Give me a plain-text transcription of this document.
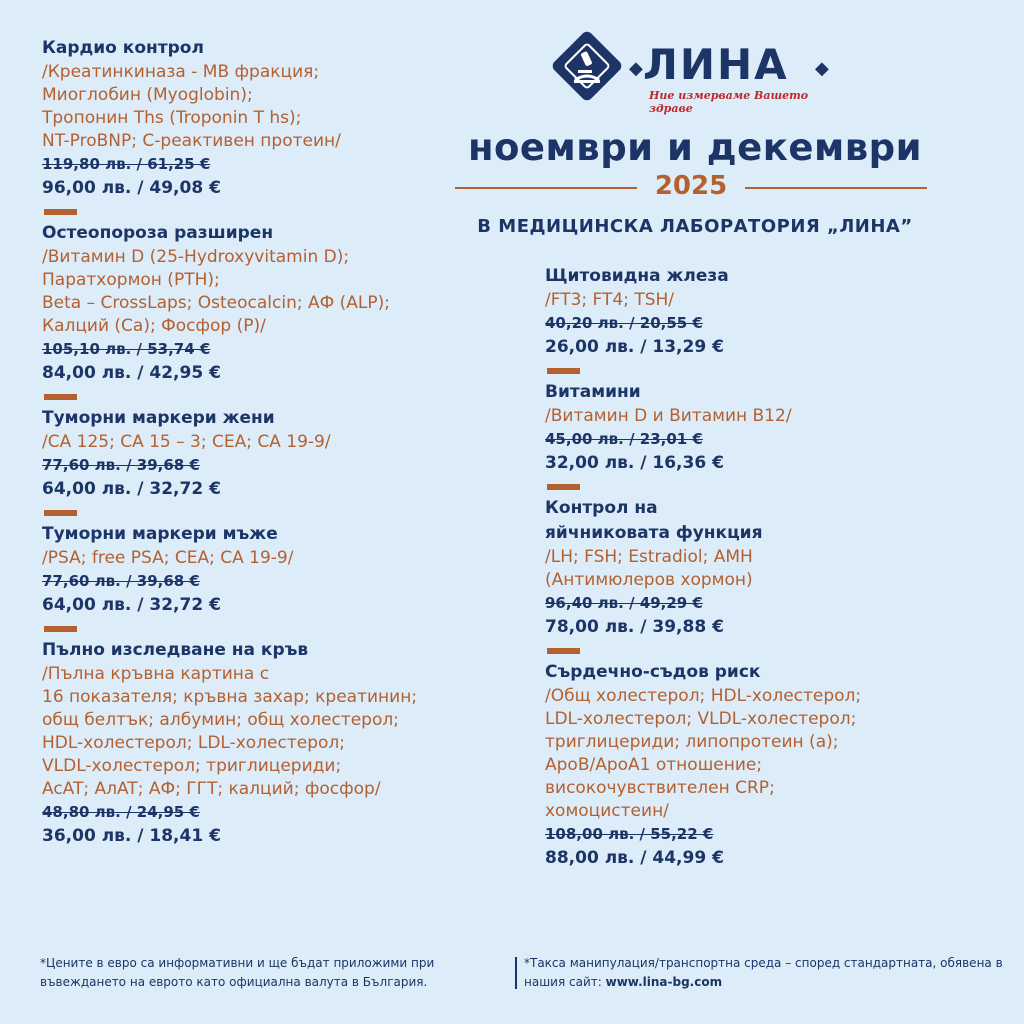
◆ ЛИНА ◆
Ние измерваме Вашето здраве
ноември и декември
2025
В МЕДИЦИНСКА ЛАБОРАТОРИЯ „ЛИНА”
Кардио контрол
/Креатинкиназа - МВ фракция;
Миоглобин (Myoglobin);
Тропонин Ths (Troponin T hs);
NT-ProBNP; С-реактивен протеин/
119,80 лв. / 61,25 €
96,00 лв. / 49,08 €
Остеопороза разширен
/Витамин D (25-Hydroxyvitamin D);
Паратхормон (PTH);
Beta – CrossLaps; Osteocalcin; АФ (ALP);
Калций (Са); Фосфор (Р)/
105,10 лв. / 53,74 €
84,00 лв. / 42,95 €
Туморни маркери жени
/CA 125; CA 15 – 3; CEA; CA 19-9/
77,60 лв. / 39,68 €
64,00 лв. / 32,72 €
Туморни маркери мъже
/PSA; free PSA; CEA; CA 19-9/
77,60 лв. / 39,68 €
64,00 лв. / 32,72 €
Пълно изследване на кръв
/Пълна кръвна картина с
16 показателя; кръвна захар; креатинин;
общ белтък; албумин; общ холестерол;
HDL-холестерол; LDL-холестерол;
VLDL-холестерол; триглицериди;
AcAT; AлAT; АФ; ГГТ; калций; фосфор/
48,80 лв. / 24,95 €
36,00 лв. / 18,41 €
Щитовидна жлеза
/FT3; FT4; TSH/
40,20 лв. / 20,55 €
26,00 лв. / 13,29 €
Витамини
/Витамин D и Витамин В12/
45,00 лв. / 23,01 €
32,00 лв. / 16,36 €
Контрол на
яйчниковата функция
/LH; FSH; Estradiol; AMH
(Антимюлеров хормон)
96,40 лв. / 49,29 €
78,00 лв. / 39,88 €
Сърдечно-съдов риск
/Общ холестерол; HDL-холестерол;
LDL-холестерол; VLDL-холестерол;
триглицериди; липопротеин (а);
АроВ/АроА1 отношение;
високочувствителен CRP;
хомоцистеин/
108,00 лв. / 55,22 €
88,00 лв. / 44,99 €
*Цените в евро са информативни и ще бъдат приложими при въвеждането на еврото като официална валута в България.
*Такса манипулация/транспортна среда – според стандартната, обявена в нашия сайт: www.lina-bg.com
